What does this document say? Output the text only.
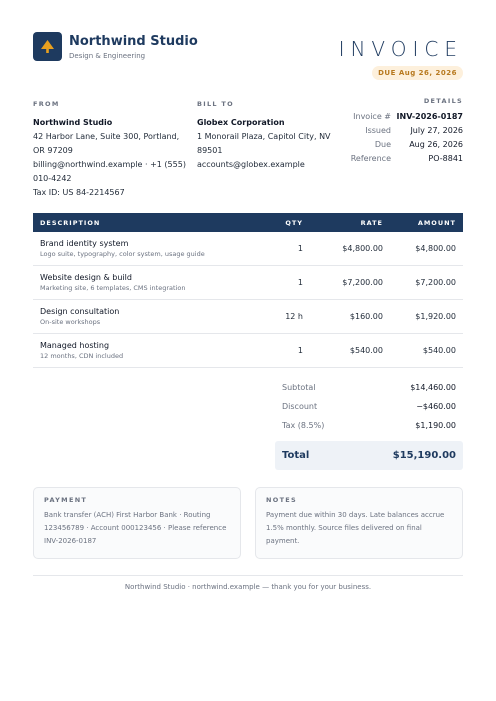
Northwind Studio
Design & Engineering	INVOICE
DUE Aug 26, 2026
FROM
Northwind Studio
42 Harbor Lane, Suite 300, Portland, OR 97209
billing@northwind.example · +1 (555) 010-4242
Tax ID: US 84-2214567
BILL TO
Globex Corporation
1 Monorail Plaza, Capitol City, NV 89501
accounts@globex.example
DETAILS
Invoice # INV-2026-0187
Issued July 27, 2026
Due Aug 26, 2026
Reference	PO-8841
DESCRIPTION	QTY	RATE	AMOUNT
Brand identity system
Logo suite, typography, color system, usage guide
1	$4,800.00	$4,800.00
Website design & build
Marketing site, 6 templates, CMS integration
1	$7,200.00	$7,200.00
Design consultation
On-site workshops
12 h	$160.00	$1,920.00
Managed hosting
12 months, CDN included
1	$540.00	$540.00
Subtotal	$14,460.00
Discount	−$460.00
Tax (8.5%)	$1,190.00
Total	$15,190.00
PAYMENT
Bank transfer (ACH) First Harbor Bank · Routing 123456789 · Account 000123456 · Please reference INV-2026-0187
NOTES
Payment due within 30 days. Late balances accrue 1.5% monthly. Source files delivered on final payment.
Northwind Studio · northwind.example — thank you for your business.
